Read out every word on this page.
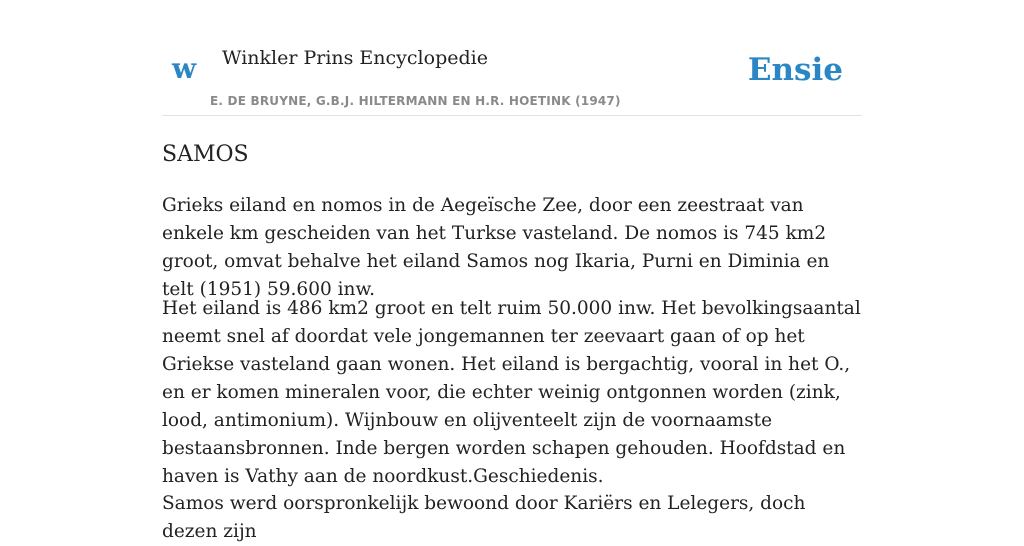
w Winkler Prins Encyclopedie	Ensie
E. DE BRUYNE, G.B.J. HILTERMANN EN H.R. HOETINK (1947)
SAMOS

Grieks eiland en nomos in de Aegeïsche Zee, door een zeestraat van enkele km gescheiden van het Turkse vasteland. De nomos is 745 km2 groot, omvat behalve het eiland Samos nog Ikaria, Purni en Diminia en telt (1951) 59.600 inw.

Het eiland is 486 km2 groot en telt ruim 50.000 inw. Het bevolkingsaantal neemt snel af doordat vele jongemannen ter zeevaart gaan of op het Griekse vasteland gaan wonen. Het eiland is bergachtig, vooral in het O., en er komen mineralen voor, die echter weinig ontgonnen worden (zink, lood, antimonium). Wijnbouw en olijventeelt zijn de voornaamste bestaansbronnen. Inde bergen worden schapen gehouden. Hoofdstad en haven is Vathy aan de noordkust.Geschiedenis.

Samos werd oorspronkelijk bewoond door Kariërs en Lelegers, doch dezen zijn
